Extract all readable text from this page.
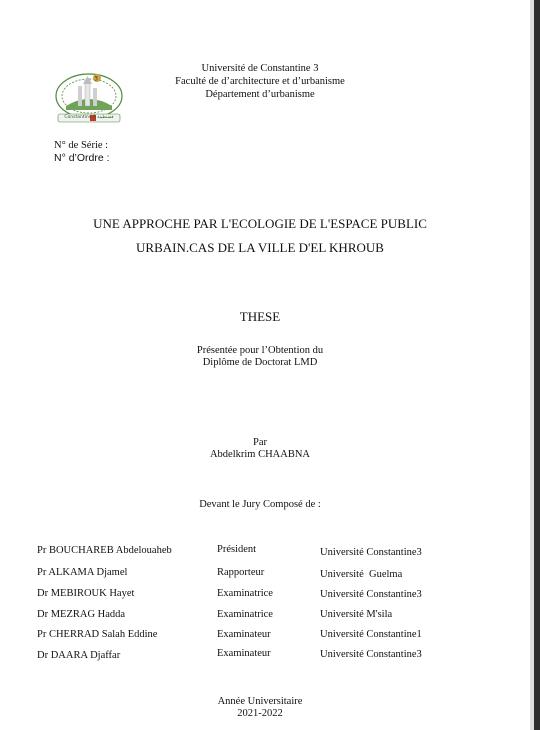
3
Constantine 3 قسنطينة
Université de Constantine 3
Faculté de d’architecture et d’urbanisme
Département d’urbanisme
N° de Série :
N° d’Ordre :
UNE APPROCHE PAR L'ECOLOGIE DE L'ESPACE PUBLIC
URBAIN.CAS DE LA VILLE D'EL KHROUB
THESE
Présentée pour l’Obtention du
Diplôme de Doctorat LMD
Par
Abdelkrim CHAABNA
Devant le Jury Composé de :
Pr BOUCHAREB Abdelouaheb	Président	Université Constantine3
Pr ALKAMA Djamel	Rapporteur	Université  Guelma
Dr MEBIROUK Hayet	Examinatrice	Université Constantine3
Dr MEZRAG Hadda	Examinatrice	Université M'sila
Pr CHERRAD Salah Eddine	Examinateur	Université Constantine1
Dr DAARA Djaffar	Examinateur	Université Constantine3
Année Universitaire
2021-2022
